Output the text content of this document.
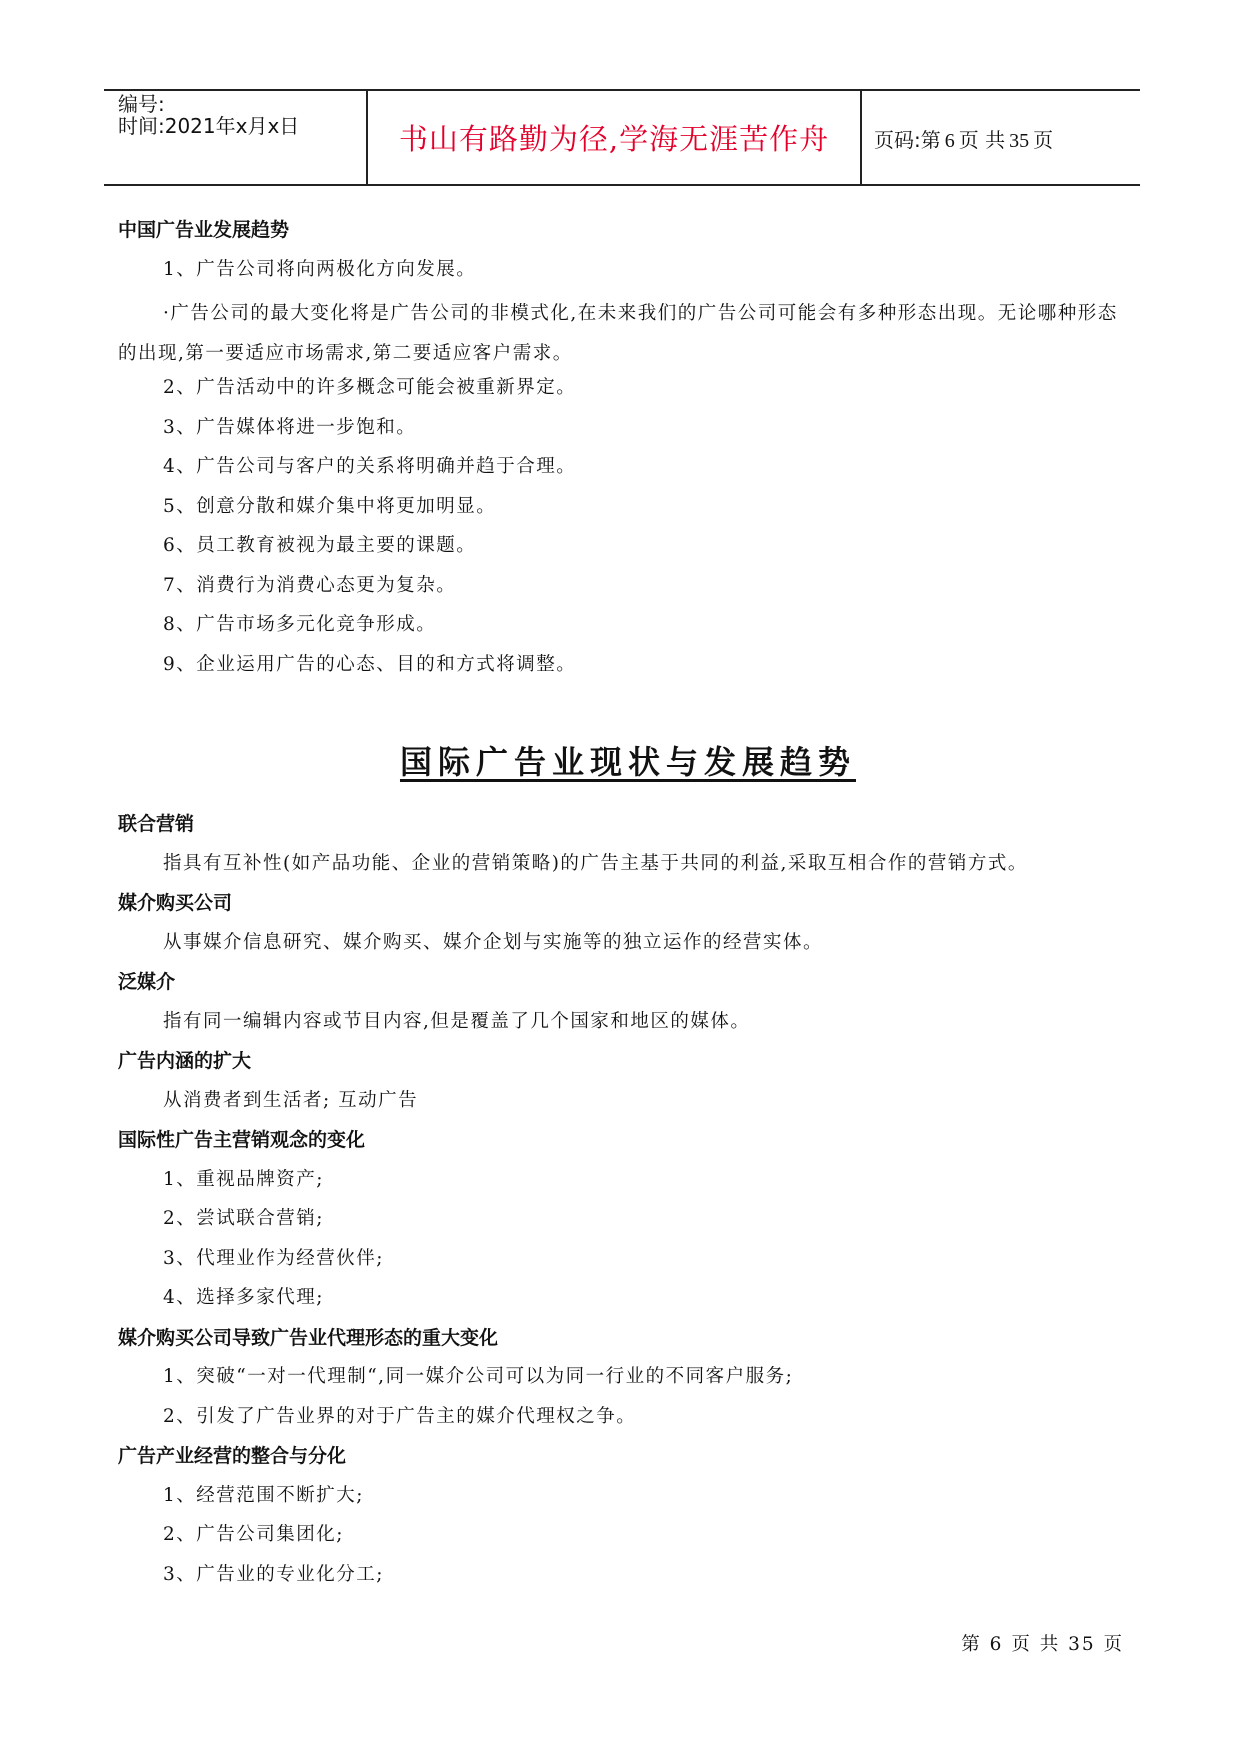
编号:
时间:2021年x月x日	书山有路勤为径,学海无涯苦作舟	页码:第 6 页 共 35 页
中国广告业发展趋势
1、广告公司将向两极化方向发展。
·广告公司的最大变化将是广告公司的非模式化,在未来我们的广告公司可能会有多种形态出现。无论哪种形态的出现,第一要适应市场需求,第二要适应客户需求。
2、广告活动中的许多概念可能会被重新界定。
3、广告媒体将进一步饱和。
4、广告公司与客户的关系将明确并趋于合理。
5、创意分散和媒介集中将更加明显。
6、员工教育被视为最主要的课题。
7、消费行为消费心态更为复杂。
8、广告市场多元化竞争形成。
9、企业运用广告的心态、目的和方式将调整。
国际广告业现状与发展趋势
联合营销
指具有互补性(如产品功能、企业的营销策略)的广告主基于共同的利益,采取互相合作的营销方式。
媒介购买公司
从事媒介信息研究、媒介购买、媒介企划与实施等的独立运作的经营实体。
泛媒介
指有同一编辑内容或节目内容,但是覆盖了几个国家和地区的媒体。
广告内涵的扩大
从消费者到生活者; 互动广告
国际性广告主营销观念的变化
1、重视品牌资产;
2、尝试联合营销;
3、代理业作为经营伙伴;
4、选择多家代理;
媒介购买公司导致广告业代理形态的重大变化
1、突破“一对一代理制“,同一媒介公司可以为同一行业的不同客户服务;
2、引发了广告业界的对于广告主的媒介代理权之争。
广告产业经营的整合与分化
1、经营范围不断扩大;
2、广告公司集团化;
3、广告业的专业化分工;
第 6 页 共 35 页
